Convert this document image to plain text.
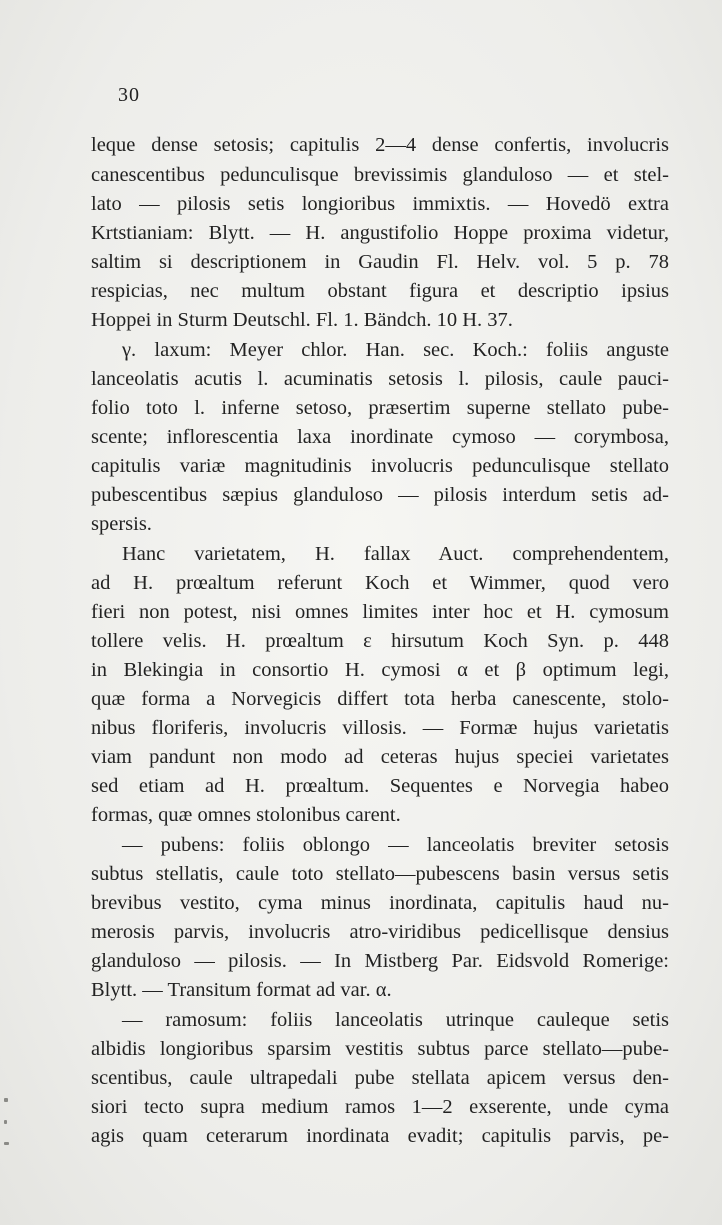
30
leque dense setosis; capitulis 2—4 dense confertis, involucris
canescentibus pedunculisque brevissimis glanduloso — et stel-
lato — pilosis setis longioribus immixtis. — Hovedö extra
Krtstianiam: Blytt. — H. angustifolio Hoppe proxima videtur,
saltim si descriptionem in Gaudin Fl. Helv. vol. 5 p. 78
respicias, nec multum obstant figura et descriptio ipsius
Hoppei in Sturm Deutschl. Fl. 1. Bändch. 10 H. 37.
γ. laxum: Meyer chlor. Han. sec. Koch.: foliis anguste
lanceolatis acutis l. acuminatis setosis l. pilosis, caule pauci-
folio toto l. inferne setoso, præsertim superne stellato pube-
scente; inflorescentia laxa inordinate cymoso — corymbosa,
capitulis variæ magnitudinis involucris pedunculisque stellato
pubescentibus sæpius glanduloso — pilosis interdum setis ad-
spersis.
Hanc varietatem, H. fallax Auct. comprehendentem,
ad H. prœaltum referunt Koch et Wimmer, quod vero
fieri non potest, nisi omnes limites inter hoc et H. cymosum
tollere velis. H. prœaltum ε hirsutum Koch Syn. p. 448
in Blekingia in consortio H. cymosi α et β optimum legi,
quæ forma a Norvegicis differt tota herba canescente, stolo-
nibus floriferis, involucris villosis. — Formæ hujus varietatis
viam pandunt non modo ad ceteras hujus speciei varietates
sed etiam ad H. prœaltum. Sequentes e Norvegia habeo
formas, quæ omnes stolonibus carent.
— pubens: foliis oblongo — lanceolatis breviter setosis
subtus stellatis, caule toto stellato—pubescens basin versus setis
brevibus vestito, cyma minus inordinata, capitulis haud nu-
merosis parvis, involucris atro-viridibus pedicellisque densius
glanduloso — pilosis. — In Mistberg Par. Eidsvold Romerige:
Blytt. — Transitum format ad var. α.
— ramosum: foliis lanceolatis utrinque cauleque setis
albidis longioribus sparsim vestitis subtus parce stellato—pube-
scentibus, caule ultrapedali pube stellata apicem versus den-
siori tecto supra medium ramos 1—2 exserente, unde cyma
agis quam ceterarum inordinata evadit; capitulis parvis, pe-
